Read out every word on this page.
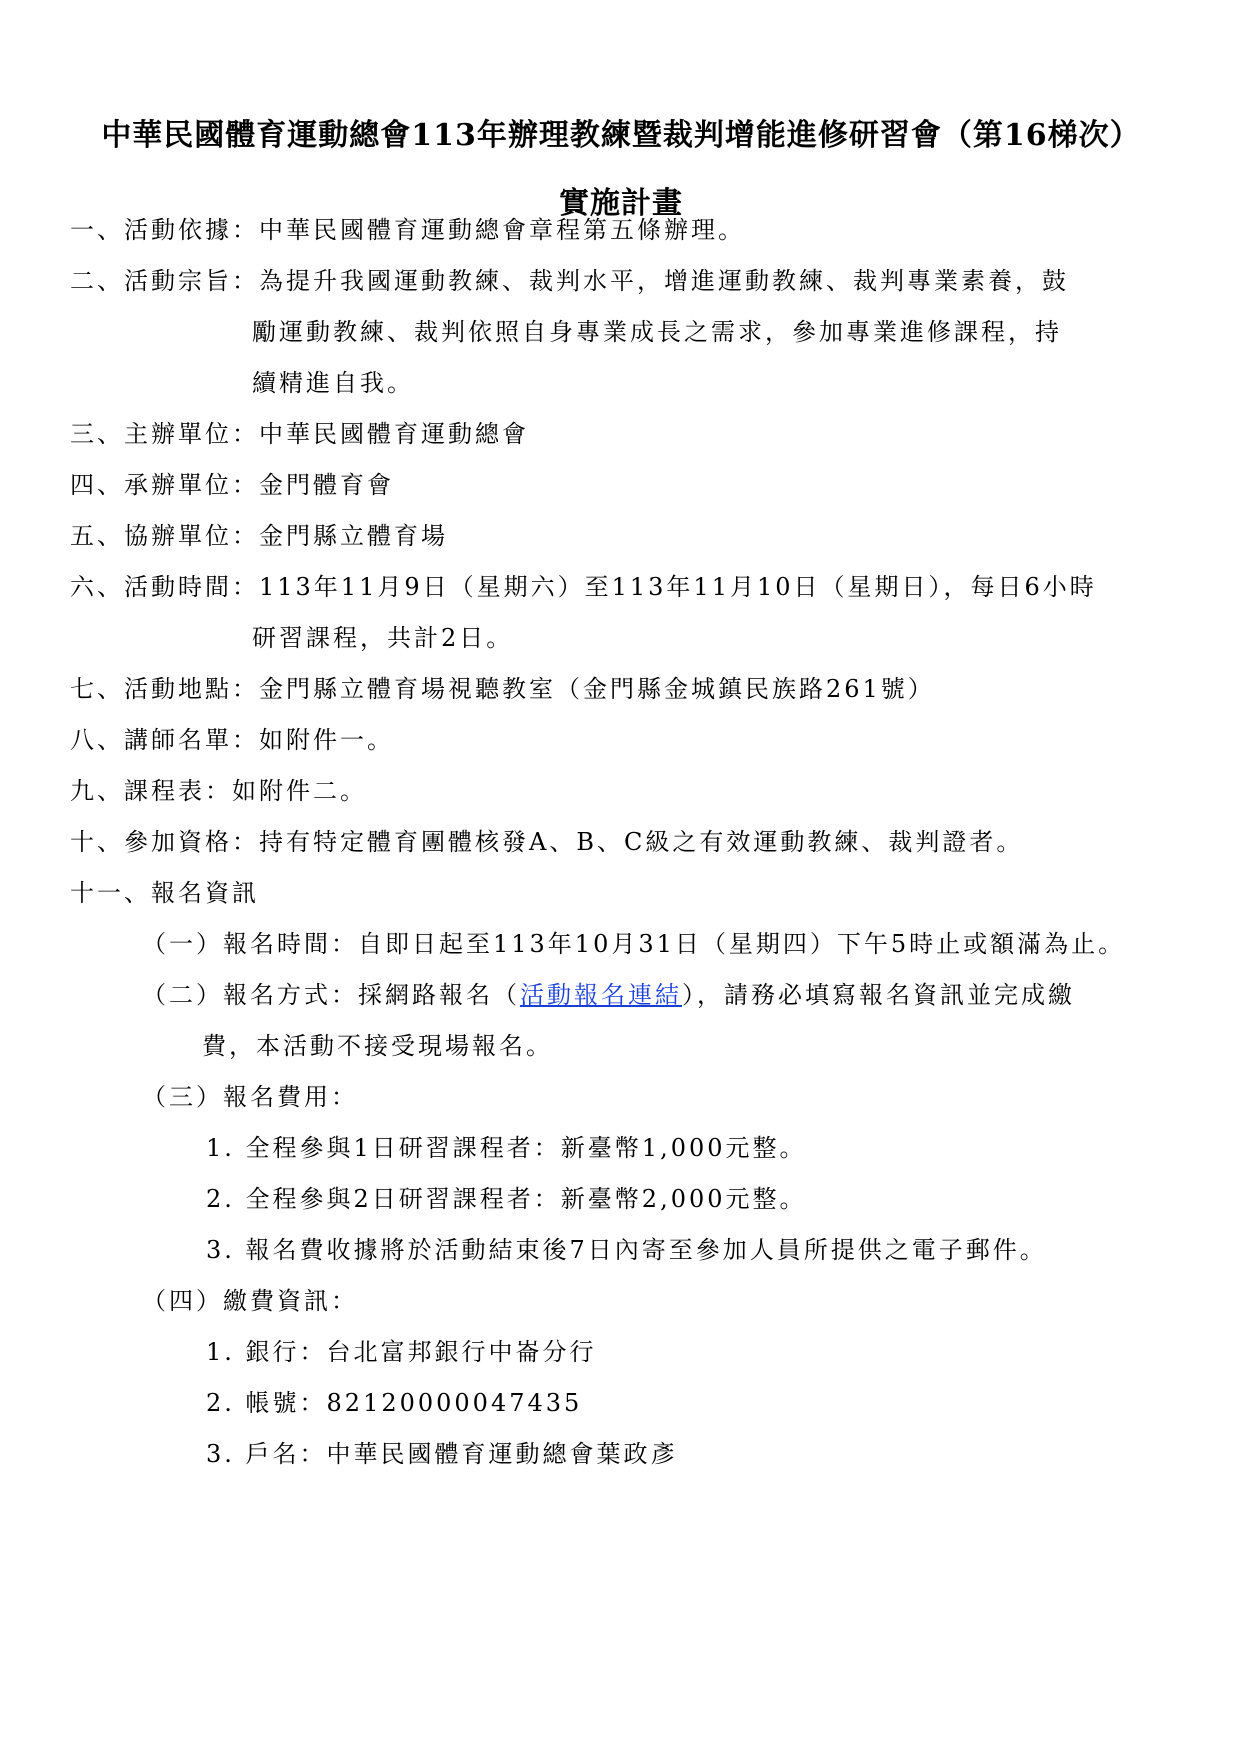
中華民國體育運動總會113年辦理教練暨裁判增能進修研習會（第16梯次）
實施計畫
一、活動依據：中華民國體育運動總會章程第五條辦理。
二、活動宗旨：為提升我國運動教練、裁判水平，增進運動教練、裁判專業素養，鼓
勵運動教練、裁判依照自身專業成長之需求，參加專業進修課程，持
續精進自我。
三、主辦單位：中華民國體育運動總會
四、承辦單位：金門體育會
五、協辦單位：金門縣立體育場
六、活動時間：113年11月9日（星期六）至113年11月10日（星期日），每日6小時
研習課程，共計2日。
七、活動地點：金門縣立體育場視聽教室（金門縣金城鎮民族路261號）
八、講師名單：如附件一。
九、課程表：如附件二。
十、參加資格：持有特定體育團體核發A、B、C級之有效運動教練、裁判證者。
十一、報名資訊
（一）報名時間：自即日起至113年10月31日（星期四）下午5時止或額滿為止。
（二）報名方式：採網路報名（活動報名連結），請務必填寫報名資訊並完成繳
費，本活動不接受現場報名。
（三）報名費用：
1. 全程參與1日研習課程者：新臺幣1,000元整。
2. 全程參與2日研習課程者：新臺幣2,000元整。
3. 報名費收據將於活動結束後7日內寄至參加人員所提供之電子郵件。
（四）繳費資訊：
1. 銀行：台北富邦銀行中崙分行
2. 帳號：82120000047435
3. 戶名：中華民國體育運動總會葉政彥
